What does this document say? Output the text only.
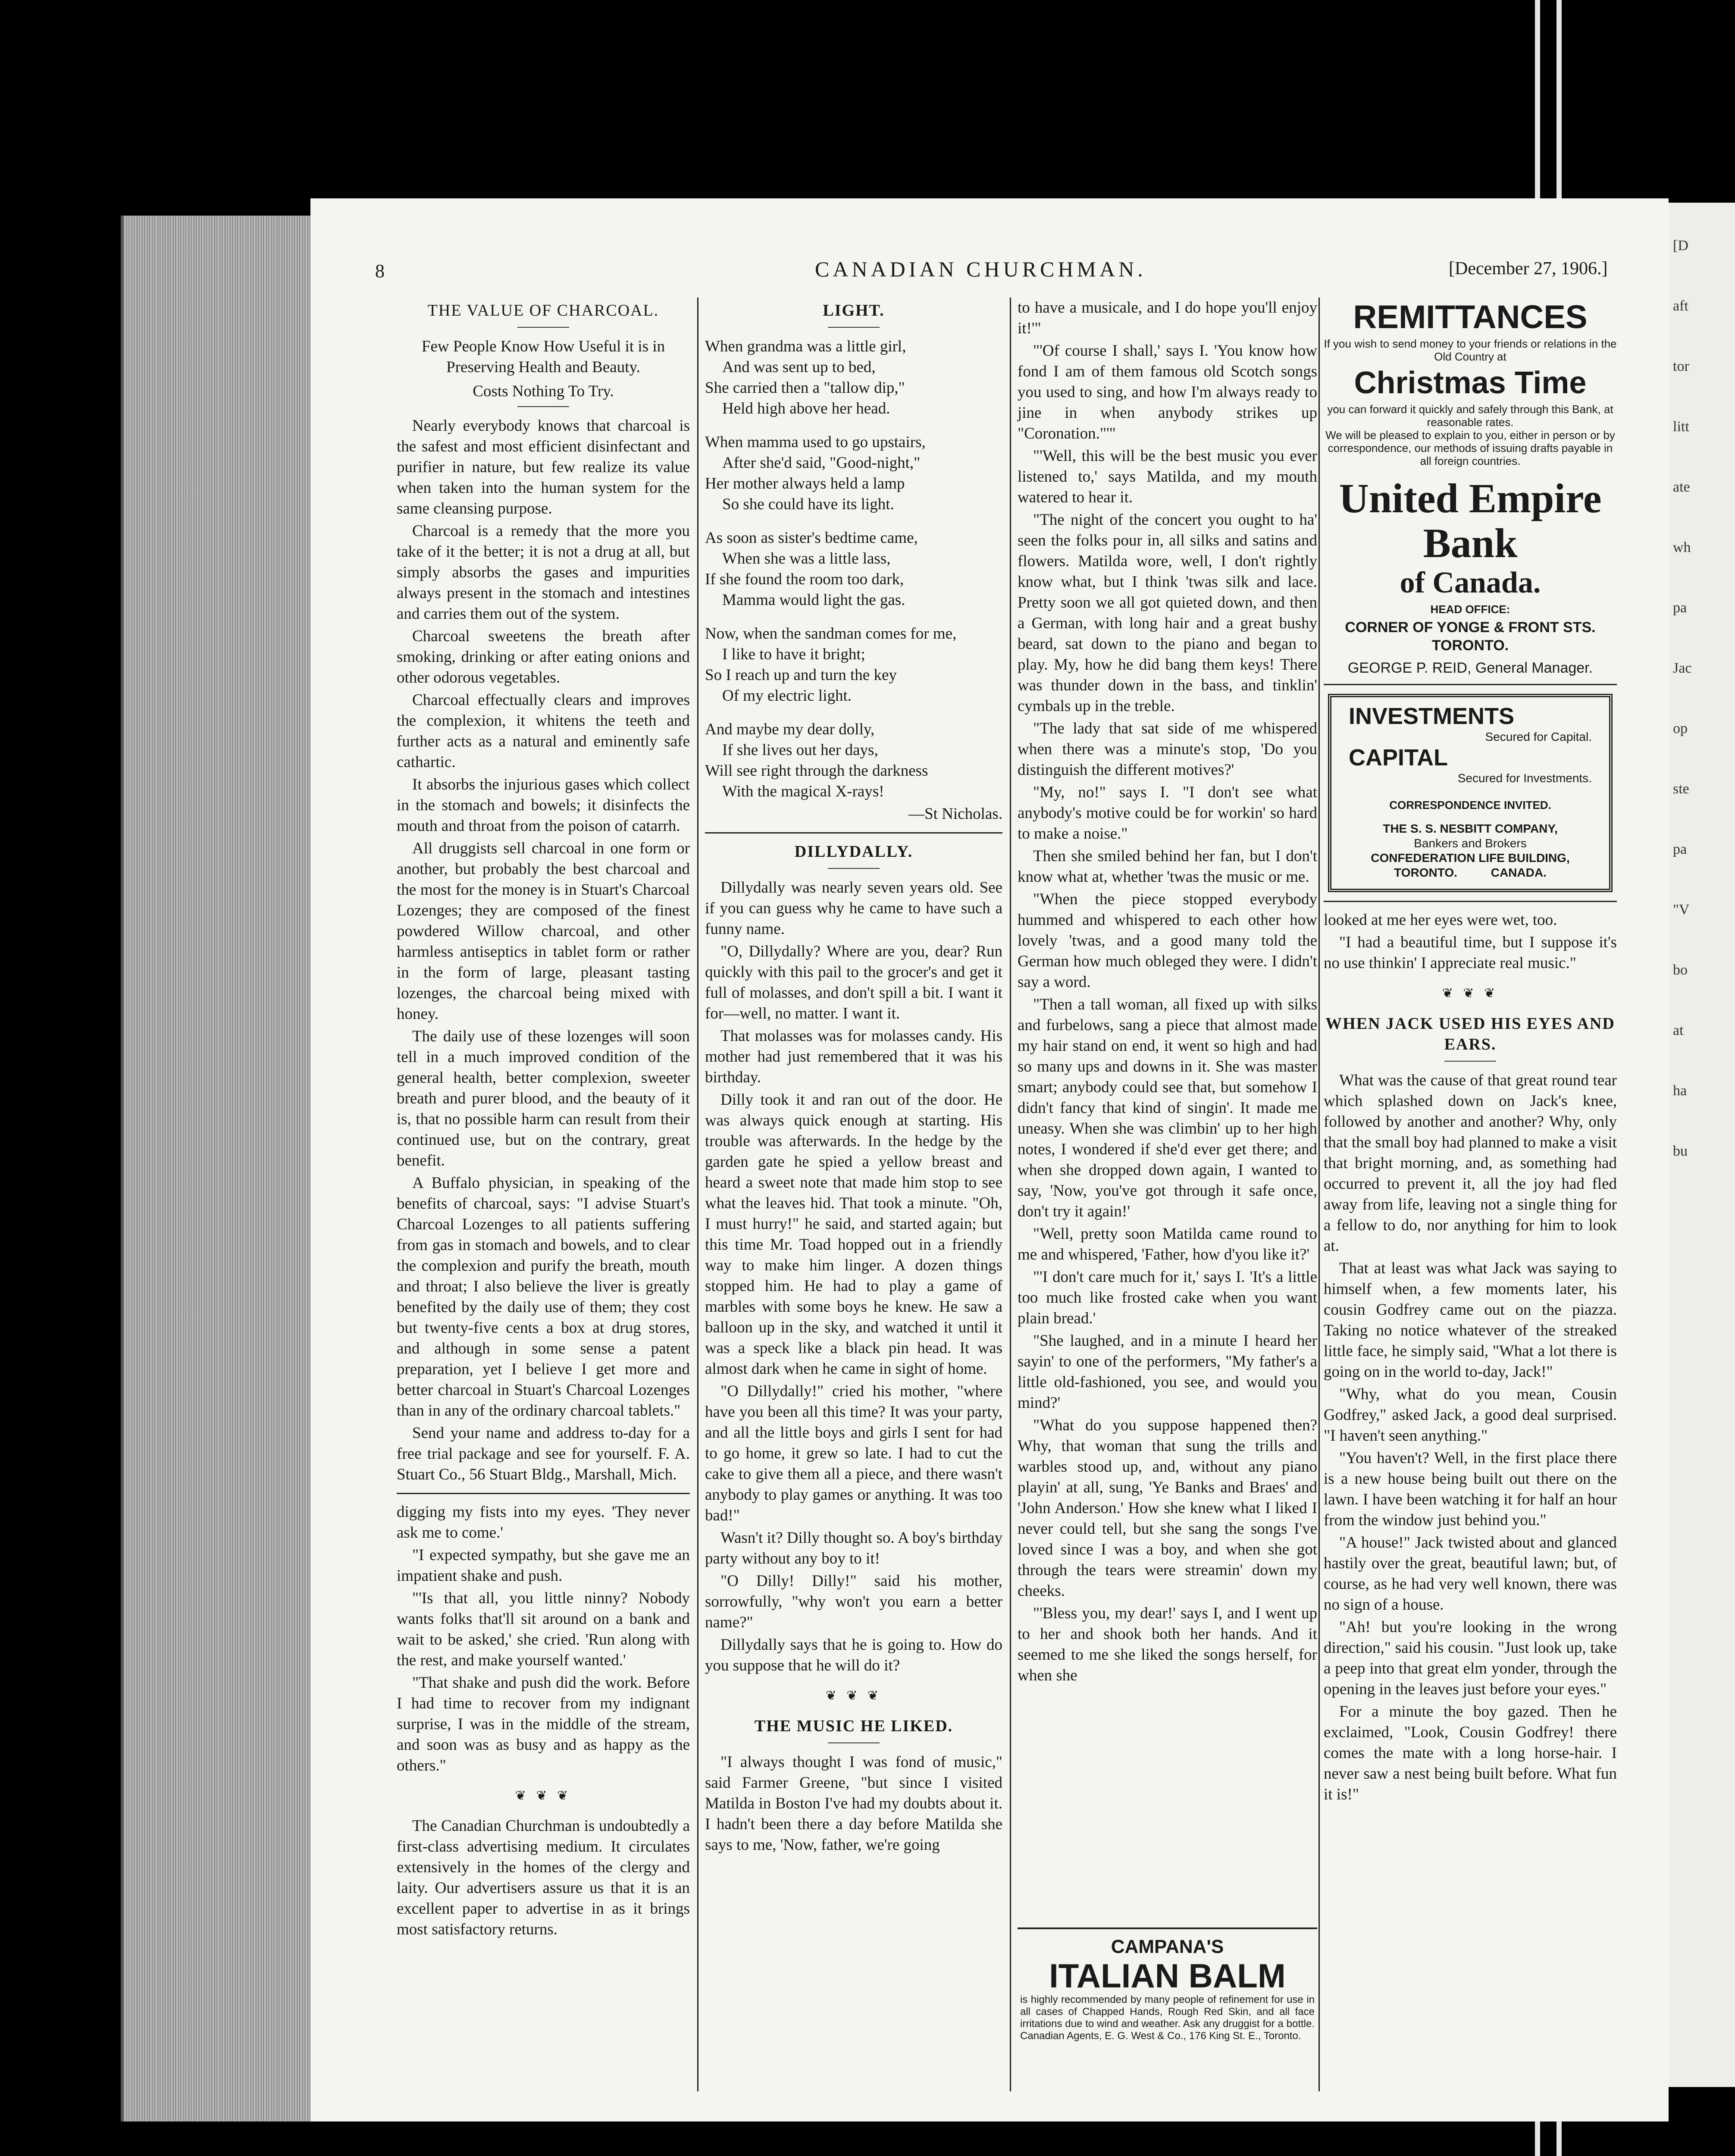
[D
aft
tor
litt
ate
wh
pa
Jac
op
ste
pa
"V
bo
at
ha
bu
8	CANADIAN CHURCHMAN.	[December 27, 1906.]
THE VALUE OF CHARCOAL.
Few People Know How Useful it is in Preserving Health and Beauty.
Costs Nothing To Try.

Nearly everybody knows that charcoal is the safest and most efficient disinfectant and purifier in nature, but few realize its value when taken into the human system for the same cleansing purpose.

Charcoal is a remedy that the more you take of it the better; it is not a drug at all, but simply absorbs the gases and impurities always present in the stomach and intestines and carries them out of the system.

Charcoal sweetens the breath after smoking, drinking or after eating onions and other odorous vegetables.

Charcoal effectually clears and improves the complexion, it whitens the teeth and further acts as a natural and eminently safe cathartic.

It absorbs the injurious gases which collect in the stomach and bowels; it disinfects the mouth and throat from the poison of catarrh.

All druggists sell charcoal in one form or another, but probably the best charcoal and the most for the money is in Stuart's Charcoal Lozenges; they are composed of the finest powdered Willow charcoal, and other harmless antiseptics in tablet form or rather in the form of large, pleasant tasting lozenges, the charcoal being mixed with honey.

The daily use of these lozenges will soon tell in a much improved condition of the general health, better complexion, sweeter breath and purer blood, and the beauty of it is, that no possible harm can result from their continued use, but on the contrary, great benefit.

A Buffalo physician, in speaking of the benefits of charcoal, says: "I advise Stuart's Charcoal Lozenges to all patients suffering from gas in stomach and bowels, and to clear the complexion and purify the breath, mouth and throat; I also believe the liver is greatly benefited by the daily use of them; they cost but twenty-five cents a box at drug stores, and although in some sense a patent preparation, yet I believe I get more and better charcoal in Stuart's Charcoal Lozenges than in any of the ordinary charcoal tablets."

Send your name and address to-day for a free trial package and see for yourself. F. A. Stuart Co., 56 Stuart Bldg., Marshall, Mich.

digging my fists into my eyes. 'They never ask me to come.'

"I expected sympathy, but she gave me an impatient shake and push.

"'Is that all, you little ninny? Nobody wants folks that'll sit around on a bank and wait to be asked,' she cried. 'Run along with the rest, and make yourself wanted.'

"That shake and push did the work. Before I had time to recover from my indignant surprise, I was in the middle of the stream, and soon was as busy and as happy as the others."

❦ ❦ ❦

The Canadian Churchman is undoubtedly a first-class advertising medium. It circulates extensively in the homes of the clergy and laity. Our advertisers assure us that it is an excellent paper to advertise in as it brings most satisfactory returns.

LIGHT.

When grandma was a little girl,

And was sent up to bed,

She carried then a "tallow dip,"

Held high above her head.

When mamma used to go upstairs,

After she'd said, "Good-night,"

Her mother always held a lamp

So she could have its light.

As soon as sister's bedtime came,

When she was a little lass,

If she found the room too dark,

Mamma would light the gas.

Now, when the sandman comes for me,

I like to have it bright;

So I reach up and turn the key

Of my electric light.

And maybe my dear dolly,

If she lives out her days,

Will see right through the darkness

With the magical X-rays!

—St Nicholas.

DILLYDALLY.

Dillydally was nearly seven years old. See if you can guess why he came to have such a funny name.

"O, Dillydally? Where are you, dear? Run quickly with this pail to the grocer's and get it full of molasses, and don't spill a bit. I want it for—well, no matter. I want it.

That molasses was for molasses candy. His mother had just remembered that it was his birthday.

Dilly took it and ran out of the door. He was always quick enough at starting. His trouble was afterwards. In the hedge by the garden gate he spied a yellow breast and heard a sweet note that made him stop to see what the leaves hid. That took a minute. "Oh, I must hurry!" he said, and started again; but this time Mr. Toad hopped out in a friendly way to make him linger. A dozen things stopped him. He had to play a game of marbles with some boys he knew. He saw a balloon up in the sky, and watched it until it was a speck like a black pin head. It was almost dark when he came in sight of home.

"O Dillydally!" cried his mother, "where have you been all this time? It was your party, and all the little boys and girls I sent for had to go home, it grew so late. I had to cut the cake to give them all a piece, and there wasn't anybody to play games or anything. It was too bad!"

Wasn't it? Dilly thought so. A boy's birthday party without any boy to it!

"O Dilly! Dilly!" said his mother, sorrowfully, "why won't you earn a better name?"

Dillydally says that he is going to. How do you suppose that he will do it?

❦ ❦ ❦
THE MUSIC HE LIKED.

"I always thought I was fond of music," said Farmer Greene, "but since I visited Matilda in Boston I've had my doubts about it. I hadn't been there a day before Matilda she says to me, 'Now, father, we're going

to have a musicale, and I do hope you'll enjoy it!'"

"'Of course I shall,' says I. 'You know how fond I am of them famous old Scotch songs you used to sing, and how I'm always ready to jine in when anybody strikes up "Coronation."'"

"'Well, this will be the best music you ever listened to,' says Matilda, and my mouth watered to hear it.

"The night of the concert you ought to ha' seen the folks pour in, all silks and satins and flowers. Matilda wore, well, I don't rightly know what, but I think 'twas silk and lace. Pretty soon we all got quieted down, and then a German, with long hair and a great bushy beard, sat down to the piano and began to play. My, how he did bang them keys! There was thunder down in the bass, and tinklin' cymbals up in the treble.

"The lady that sat side of me whispered when there was a minute's stop, 'Do you distinguish the different motives?'

"My, no!" says I. "I don't see what anybody's motive could be for workin' so hard to make a noise."

Then she smiled behind her fan, but I don't know what at, whether 'twas the music or me.

"When the piece stopped everybody hummed and whispered to each other how lovely 'twas, and a good many told the German how much obleged they were. I didn't say a word.

"Then a tall woman, all fixed up with silks and furbelows, sang a piece that almost made my hair stand on end, it went so high and had so many ups and downs in it. She was master smart; anybody could see that, but somehow I didn't fancy that kind of singin'. It made me uneasy. When she was climbin' up to her high notes, I wondered if she'd ever get there; and when she dropped down again, I wanted to say, 'Now, you've got through it safe once, don't try it again!'

"Well, pretty soon Matilda came round to me and whispered, 'Father, how d'you like it?'

"'I don't care much for it,' says I. 'It's a little too much like frosted cake when you want plain bread.'

"She laughed, and in a minute I heard her sayin' to one of the performers, "My father's a little old-fashioned, you see, and would you mind?'

"What do you suppose happened then? Why, that woman that sung the trills and warbles stood up, and, without any piano playin' at all, sung, 'Ye Banks and Braes' and 'John Anderson.' How she knew what I liked I never could tell, but she sang the songs I've loved since I was a boy, and when she got through the tears were streamin' down my cheeks.

"'Bless you, my dear!' says I, and I went up to her and shook both her hands. And it seemed to me she liked the songs herself, for when she

CAMPANA'S
ITALIAN BALM
is highly recommended by many people of refinement for use in all cases of Chapped Hands, Rough Red Skin, and all face irritations due to wind and weather. Ask any druggist for a bottle. Canadian Agents, E. G. West & Co., 176 King St. E., Toronto.
REMITTANCES
If you wish to send money to your friends or relations in the Old Country at
Christmas Time
you can forward it quickly and safely through this Bank, at reasonable rates.
We will be pleased to explain to you, either in person or by correspondence, our methods of issuing drafts payable in all foreign countries.
United Empire
Bank
of Canada.
HEAD OFFICE:
CORNER OF YONGE & FRONT STS. TORONTO.
GEORGE P. REID, General Manager.
INVESTMENTS
Secured for Capital.
CAPITAL
Secured for Investments.
CORRESPONDENCE INVITED.
THE S. S. NESBITT COMPANY,
Bankers and Brokers
CONFEDERATION LIFE BUILDING,
TORONTO.          CANADA.

looked at me her eyes were wet, too.

"I had a beautiful time, but I suppose it's no use thinkin' I appreciate real music."

❦ ❦ ❦
WHEN JACK USED HIS EYES AND EARS.

What was the cause of that great round tear which splashed down on Jack's knee, followed by another and another? Why, only that the small boy had planned to make a visit that bright morning, and, as something had occurred to prevent it, all the joy had fled away from life, leaving not a single thing for a fellow to do, nor anything for him to look at.

That at least was what Jack was saying to himself when, a few moments later, his cousin Godfrey came out on the piazza. Taking no notice whatever of the streaked little face, he simply said, "What a lot there is going on in the world to-day, Jack!"

"Why, what do you mean, Cousin Godfrey," asked Jack, a good deal surprised. "I haven't seen anything."

"You haven't? Well, in the first place there is a new house being built out there on the lawn. I have been watching it for half an hour from the window just behind you."

"A house!" Jack twisted about and glanced hastily over the great, beautiful lawn; but, of course, as he had very well known, there was no sign of a house.

"Ah! but you're looking in the wrong direction," said his cousin. "Just look up, take a peep into that great elm yonder, through the opening in the leaves just before your eyes."

For a minute the boy gazed. Then he exclaimed, "Look, Cousin Godfrey! there comes the mate with a long horse-hair. I never saw a nest being built before. What fun it is!"
